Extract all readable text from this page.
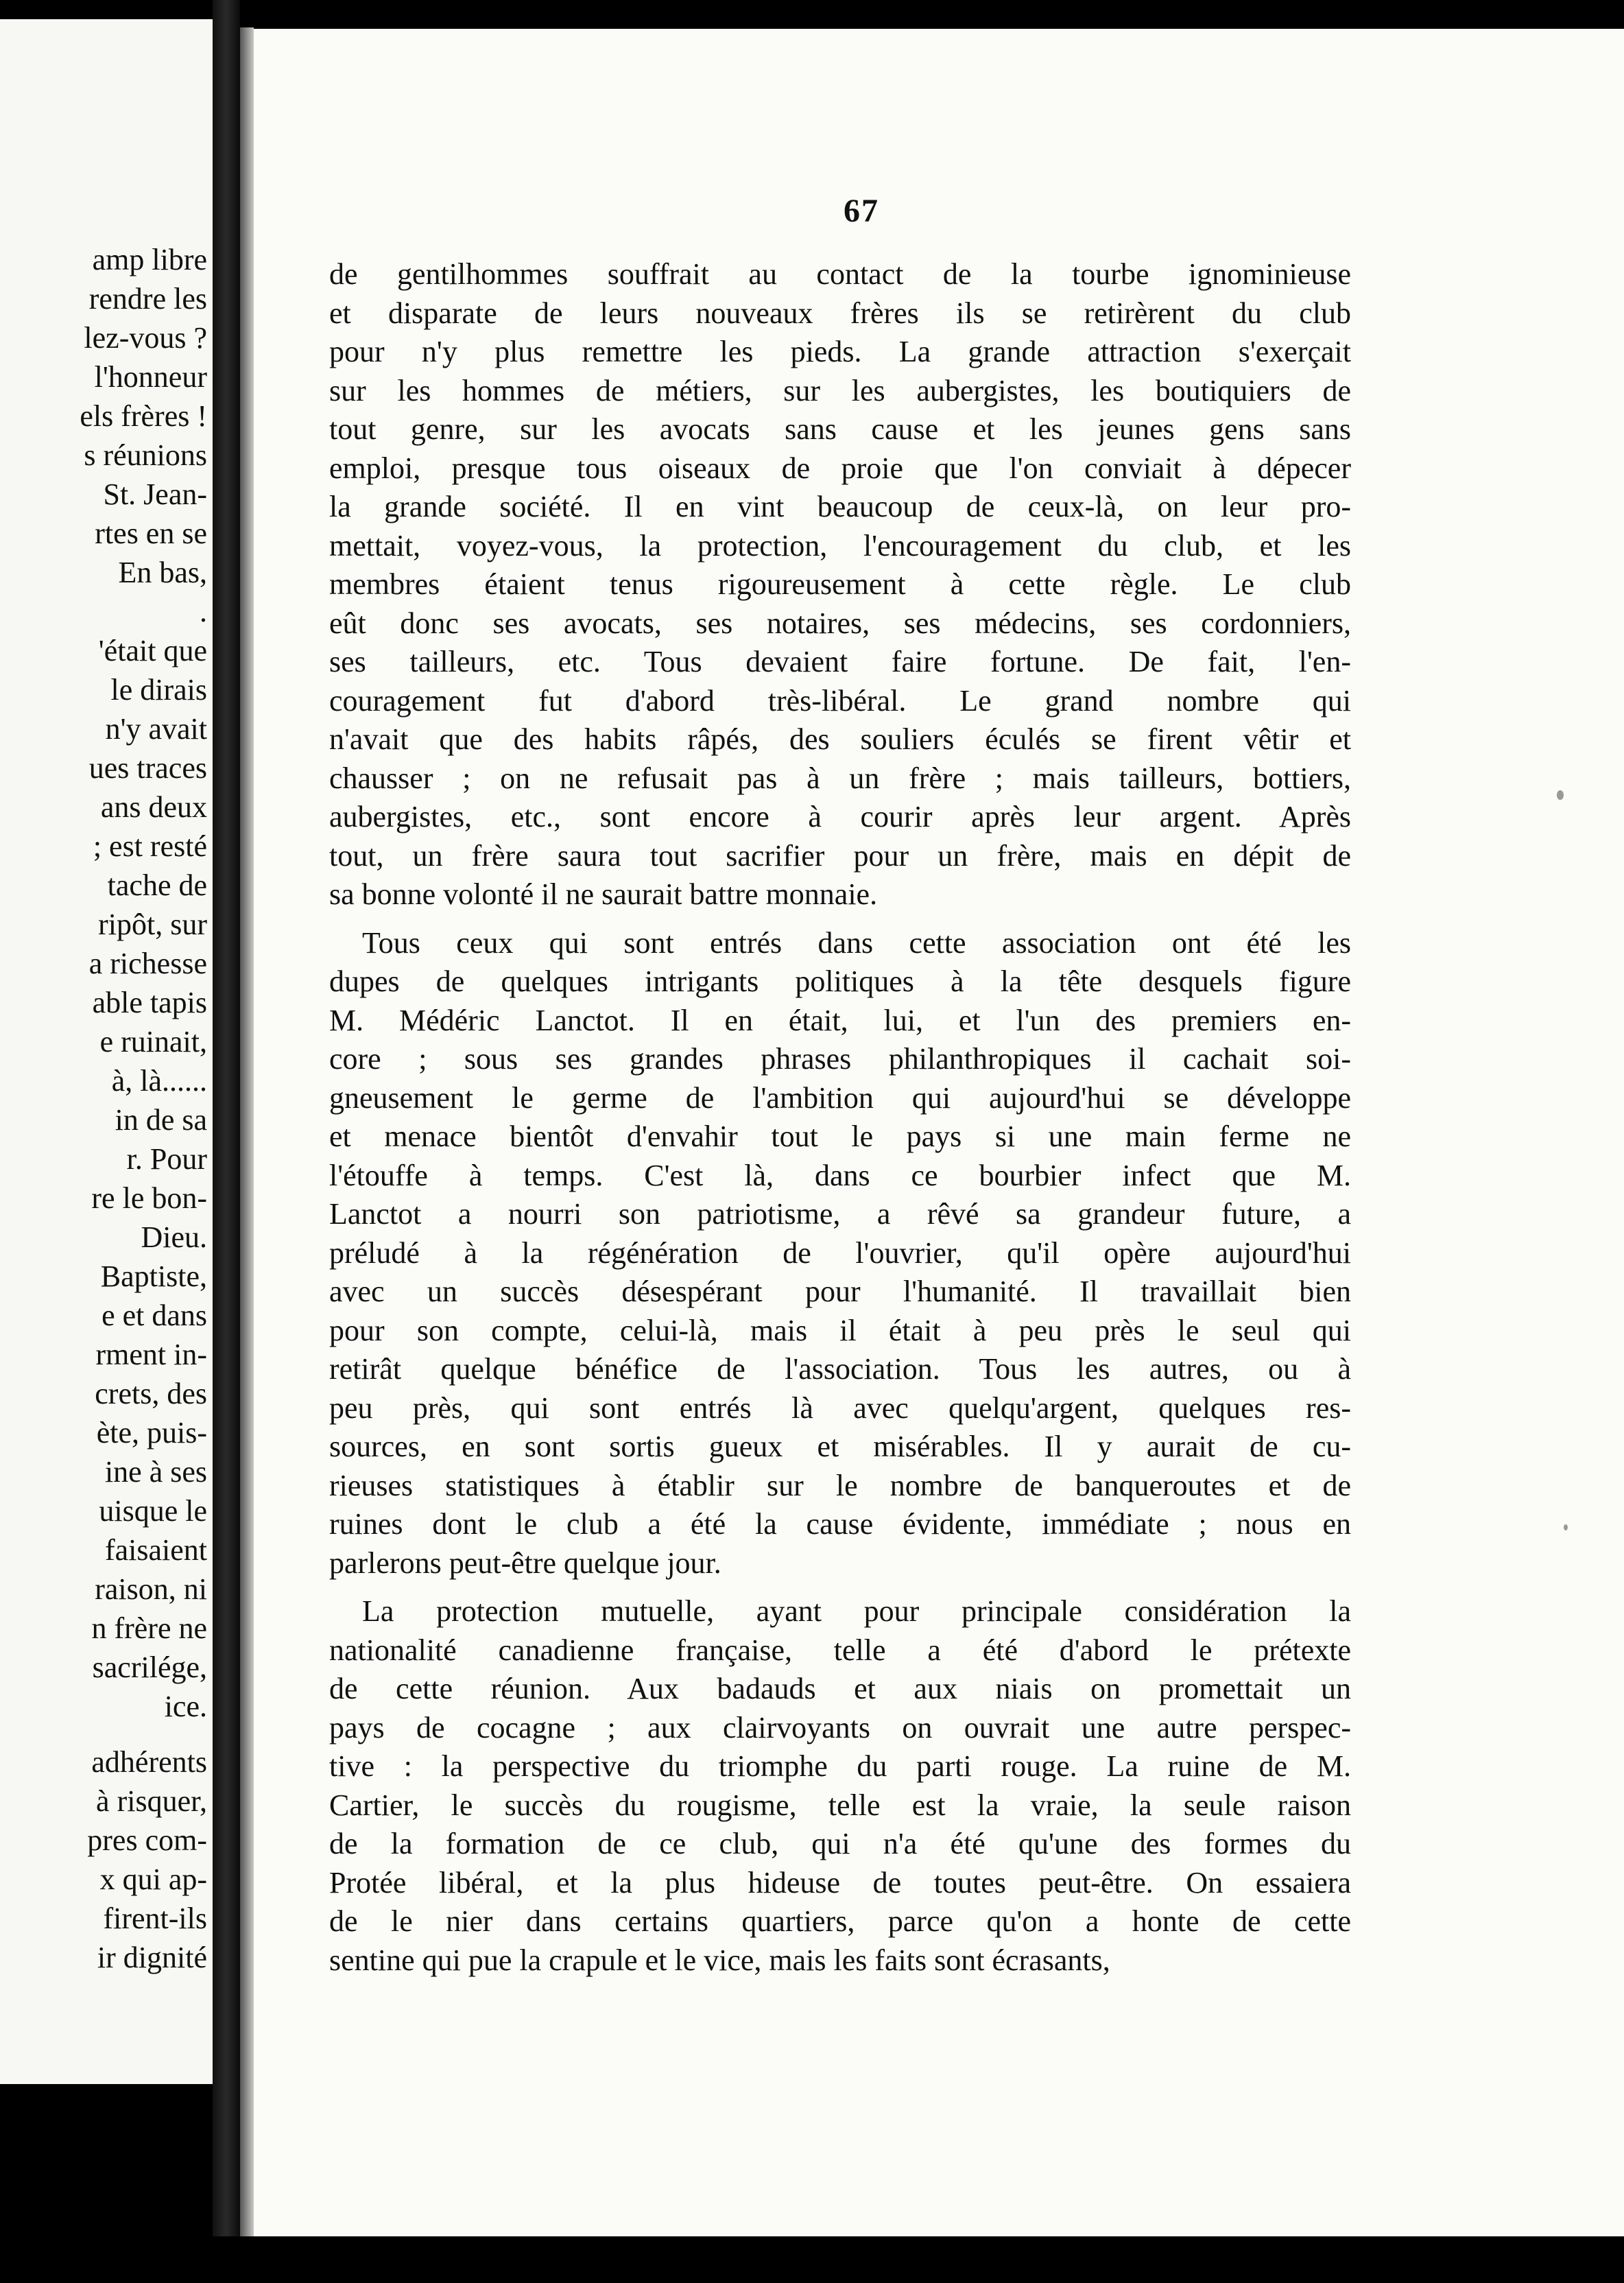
amp libre
rendre les
lez-vous ?
l'honneur
els frères !
s réunions
St. Jean-
rtes en se
En bas,
.
'était que
le dirais
n'y avait
ues traces
ans deux
; est resté
tache de
ripôt, sur
a richesse
able tapis
e ruinait,
à, là......
in de sa
r. Pour
re le bon-
Dieu.
Baptiste,
e et dans
rment in-
crets, des
ète, puis-
ine à ses
uisque le
faisaient
raison, ni
n frère ne
sacrilége,
ice.
adhérents
à risquer,
pres com-
x qui ap-
firent-ils
ir dignité
67
de gentilhommes souffrait au contact de la tourbe ignominieuse
et disparate de leurs nouveaux frères ils se retirèrent du club
pour n'y plus remettre les pieds. La grande attraction s'exerçait
sur les hommes de métiers, sur les aubergistes, les boutiquiers de
tout genre, sur les avocats sans cause et les jeunes gens sans
emploi, presque tous oiseaux de proie que l'on conviait à dépecer
la grande société. Il en vint beaucoup de ceux-là, on leur pro-
mettait, voyez-vous, la protection, l'encouragement du club, et les
membres étaient tenus rigoureusement à cette règle. Le club
eût donc ses avocats, ses notaires, ses médecins, ses cordonniers,
ses tailleurs, etc. Tous devaient faire fortune. De fait, l'en-
couragement fut d'abord très-libéral. Le grand nombre qui
n'avait que des habits râpés, des souliers éculés se firent vêtir et
chausser ; on ne refusait pas à un frère ; mais tailleurs, bottiers,
aubergistes, etc., sont encore à courir après leur argent. Après
tout, un frère saura tout sacrifier pour un frère, mais en dépit de
sa bonne volonté il ne saurait battre monnaie.
Tous ceux qui sont entrés dans cette association ont été les
dupes de quelques intrigants politiques à la tête desquels figure
M. Médéric Lanctot. Il en était, lui, et l'un des premiers en-
core ; sous ses grandes phrases philanthropiques il cachait soi-
gneusement le germe de l'ambition qui aujourd'hui se développe
et menace bientôt d'envahir tout le pays si une main ferme ne
l'étouffe à temps. C'est là, dans ce bourbier infect que M.
Lanctot a nourri son patriotisme, a rêvé sa grandeur future, a
préludé à la régénération de l'ouvrier, qu'il opère aujourd'hui
avec un succès désespérant pour l'humanité. Il travaillait bien
pour son compte, celui-là, mais il était à peu près le seul qui
retirât quelque bénéfice de l'association. Tous les autres, ou à
peu près, qui sont entrés là avec quelqu'argent, quelques res-
sources, en sont sortis gueux et misérables. Il y aurait de cu-
rieuses statistiques à établir sur le nombre de banqueroutes et de
ruines dont le club a été la cause évidente, immédiate ; nous en
parlerons peut-être quelque jour.
La protection mutuelle, ayant pour principale considération la
nationalité canadienne française, telle a été d'abord le prétexte
de cette réunion. Aux badauds et aux niais on promettait un
pays de cocagne ; aux clairvoyants on ouvrait une autre perspec-
tive : la perspective du triomphe du parti rouge. La ruine de M.
Cartier, le succès du rougisme, telle est la vraie, la seule raison
de la formation de ce club, qui n'a été qu'une des formes du
Protée libéral, et la plus hideuse de toutes peut-être. On essaiera
de le nier dans certains quartiers, parce qu'on a honte de cette
sentine qui pue la crapule et le vice, mais les faits sont écrasants,
